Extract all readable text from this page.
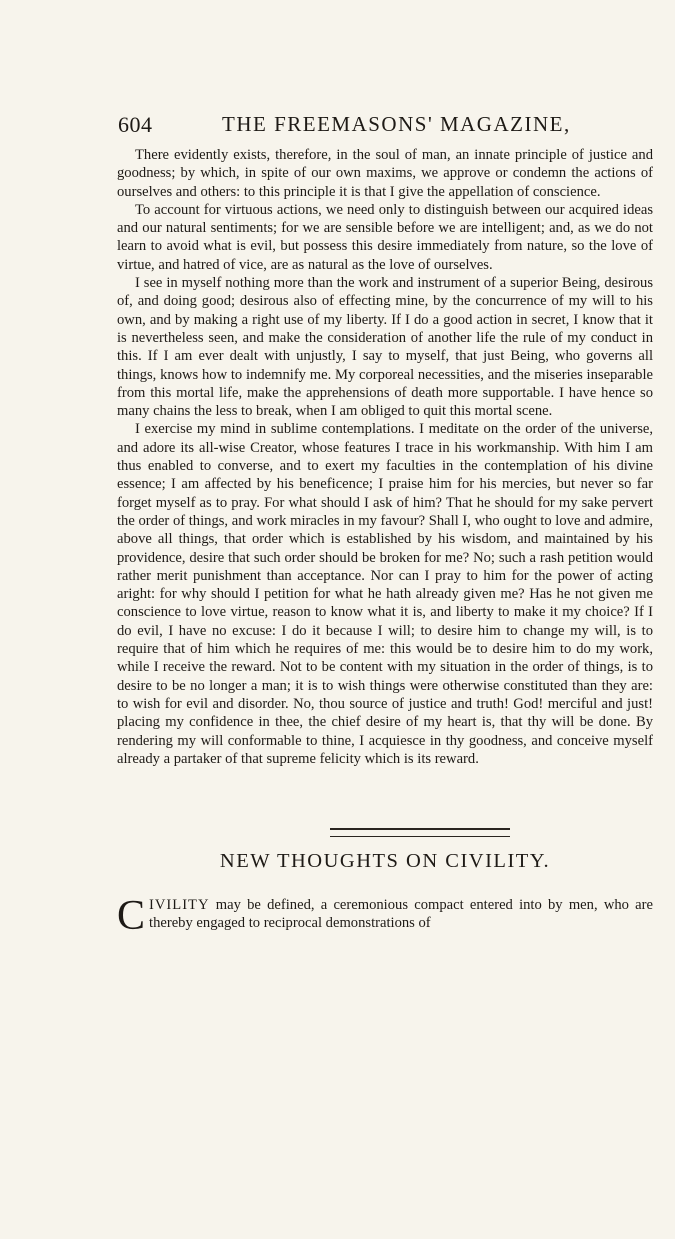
604	THE FREEMASONS' MAGAZINE,

There evidently exists, therefore, in the soul of man, an innate principle of justice and goodness; by which, in spite of our own maxims, we approve or condemn the actions of ourselves and others: to this principle it is that I give the appellation of conscience.

To account for virtuous actions, we need only to distinguish between our acquired ideas and our natural sentiments; for we are sensible before we are intelligent; and, as we do not learn to avoid what is evil, but possess this desire immediately from nature, so the love of virtue, and hatred of vice, are as natural as the love of ourselves.

I see in myself nothing more than the work and instrument of a superior Being, desirous of, and doing good; desirous also of effecting mine, by the concurrence of my will to his own, and by making a right use of my liberty. If I do a good action in secret, I know that it is nevertheless seen, and make the consideration of another life the rule of my conduct in this. If I am ever dealt with unjustly, I say to myself, that just Being, who governs all things, knows how to indemnify me. My corporeal necessities, and the miseries inseparable from this mortal life, make the apprehensions of death more supportable. I have hence so many chains the less to break, when I am obliged to quit this mortal scene.

I exercise my mind in sublime contemplations. I meditate on the order of the universe, and adore its all-wise Creator, whose features I trace in his workmanship. With him I am thus enabled to converse, and to exert my faculties in the contemplation of his divine essence; I am affected by his beneficence; I praise him for his mercies, but never so far forget myself as to pray. For what should I ask of him? That he should for my sake pervert the order of things, and work miracles in my favour? Shall I, who ought to love and admire, above all things, that order which is established by his wisdom, and maintained by his providence, desire that such order should be broken for me? No; such a rash petition would rather merit punishment than acceptance. Nor can I pray to him for the power of acting aright: for why should I petition for what he hath already given me? Has he not given me conscience to love virtue, reason to know what it is, and liberty to make it my choice? If I do evil, I have no excuse: I do it because I will; to desire him to change my will, is to require that of him which he requires of me: this would be to desire him to do my work, while I receive the reward. Not to be content with my situation in the order of things, is to desire to be no longer a man; it is to wish things were otherwise constituted than they are: to wish for evil and disorder. No, thou source of justice and truth! God! merciful and just! placing my confidence in thee, the chief desire of my heart is, that thy will be done. By rendering my will conformable to thine, I acquiesce in thy goodness, and conceive myself already a partaker of that supreme felicity which is its reward.

NEW THOUGHTS ON CIVILITY.
CIVILITY may be defined, a ceremonious compact entered into by men, who are thereby engaged to reciprocal demonstrations of
